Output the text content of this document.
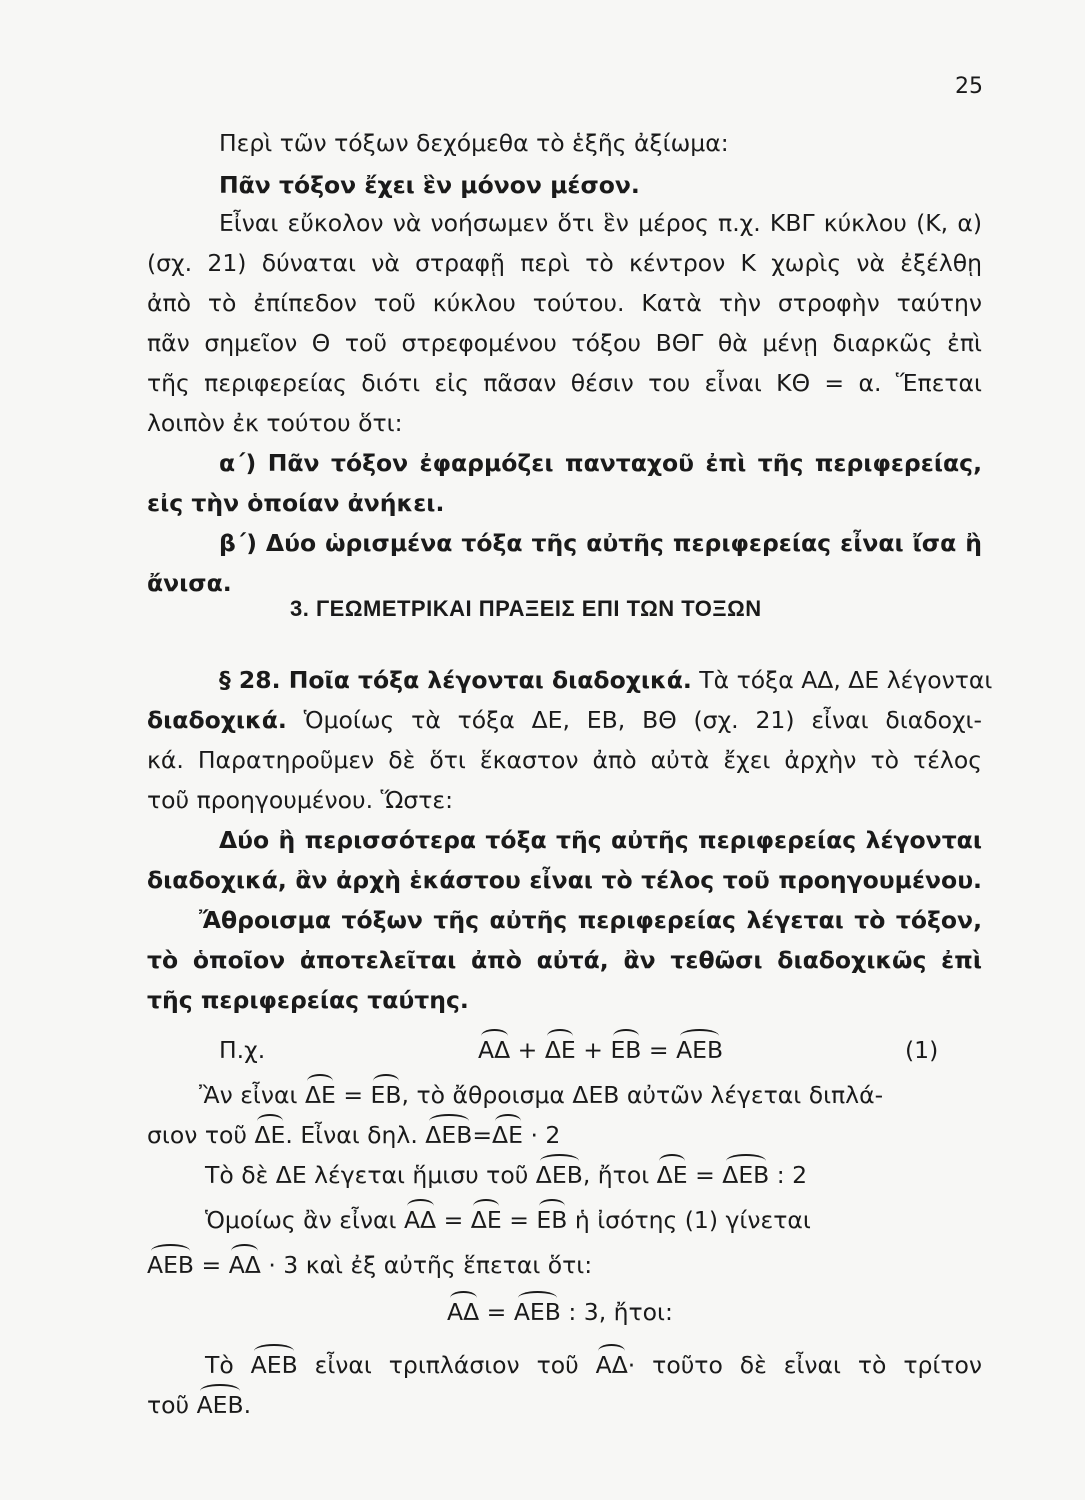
25
Περὶ τῶν τόξων δεχόμεθα τὸ ἑξῆς ἀξίωμα:
Πᾶν τόξον ἔχει ἓν μόνον μέσον.
Εἶναι εὔκολον νὰ νοήσωμεν ὅτι ἓν μέρος π.χ. ΚΒΓ κύκλου (Κ, α)
(σχ. 21) δύναται νὰ στραφῇ περὶ τὸ κέντρον Κ χωρὶς νὰ ἐξέλθῃ
ἀπὸ τὸ ἐπίπεδον τοῦ κύκλου τούτου. Κατὰ τὴν στροφὴν ταύτην
πᾶν σημεῖον Θ τοῦ στρεφομένου τόξου ΒΘΓ θὰ μένῃ διαρκῶς ἐπὶ
τῆς περιφερείας διότι εἰς πᾶσαν θέσιν του εἶναι ΚΘ = α. Ἕπεται
λοιπὸν ἐκ τούτου ὅτι:
α΄) Πᾶν τόξον ἐφαρμόζει πανταχοῦ ἐπὶ τῆς περιφερείας,
εἰς τὴν ὁποίαν ἀνήκει.
β΄) Δύο ὡρισμένα τόξα τῆς αὐτῆς περιφερείας εἶναι ἴσα ἢ
ἄνισα.
3. ΓΕΩΜΕΤΡΙΚΑΙ ΠΡΑΞΕΙΣ ΕΠΙ ΤΩΝ ΤΟΞΩΝ
§ 28. Ποῖα τόξα λέγονται διαδοχικά. Τὰ τόξα ΑΔ, ΔΕ λέγονται
διαδοχικά. Ὁμοίως τὰ τόξα ΔΕ, ΕΒ, ΒΘ (σχ. 21) εἶναι διαδοχι-
κά. Παρατηροῦμεν δὲ ὅτι ἕκαστον ἀπὸ αὐτὰ ἔχει ἀρχὴν τὸ τέλος
τοῦ προηγουμένου. Ὥστε:
Δύο ἢ περισσότερα τόξα τῆς αὐτῆς περιφερείας λέγονται
διαδοχικά, ἂν ἀρχὴ ἑκάστου εἶναι τὸ τέλος τοῦ προηγουμένου.
Ἄθροισμα τόξων τῆς αὐτῆς περιφερείας λέγεται τὸ τόξον,
τὸ ὁποῖον ἀποτελεῖται ἀπὸ αὐτά, ἂν τεθῶσι διαδοχικῶς ἐπὶ
τῆς περιφερείας ταύτης.
Π.χ.	ΑΔ + ΔΕ + ΕΒ = ΑΕΒ	(1)
Ἂν εἶναι ΔΕ = ΕΒ, τὸ ἄθροισμα ΔΕΒ αὐτῶν λέγεται διπλά-
σιον τοῦ ΔΕ. Εἶναι δηλ. ΔΕΒ=ΔΕ · 2
Τὸ δὲ ΔΕ λέγεται ἥμισυ τοῦ ΔΕΒ, ἤτοι ΔΕ = ΔΕΒ : 2
Ὁμοίως ἂν εἶναι ΑΔ = ΔΕ = ΕΒ ἡ ἰσότης (1) γίνεται
ΑΕΒ = ΑΔ · 3 καὶ ἐξ αὐτῆς ἕπεται ὅτι:
ΑΔ = ΑΕΒ : 3, ἤτοι:
Τὸ ΑΕΒ εἶναι τριπλάσιον τοῦ ΑΔ· τοῦτο δὲ εἶναι τὸ τρίτον
τοῦ ΑΕΒ.
